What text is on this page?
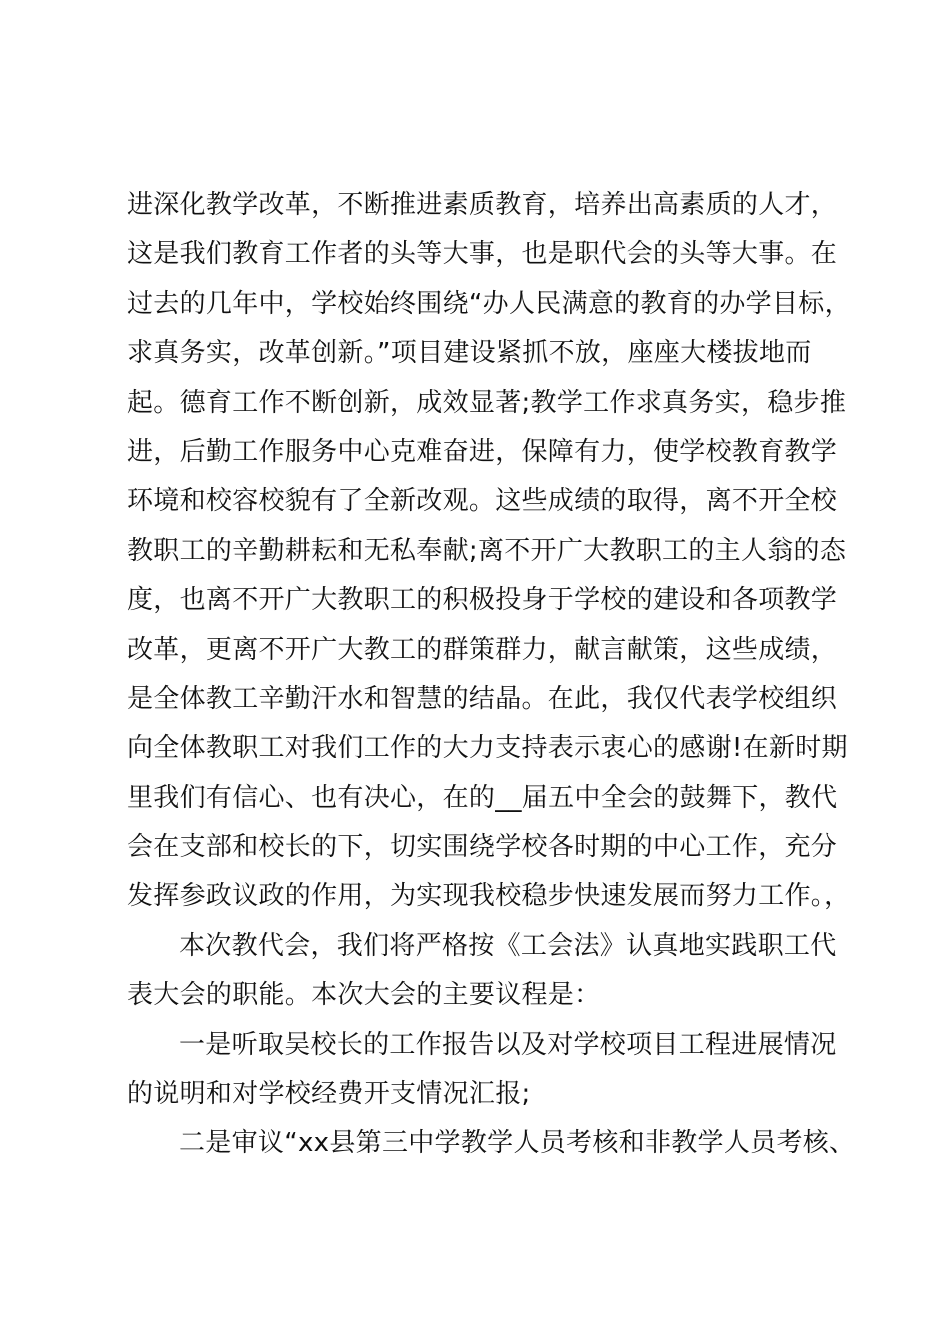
进深化教学改革，不断推进素质教育，培养出高素质的人才，
这是我们教育工作者的头等大事，也是职代会的头等大事。在
过去的几年中，学校始终围绕“办人民满意的教育的办学目标，
求真务实，改革创新。”项目建设紧抓不放，座座大楼拔地而
起。德育工作不断创新，成效显著;教学工作求真务实，稳步推
进，后勤工作服务中心克难奋进，保障有力，使学校教育教学
环境和校容校貌有了全新改观。这些成绩的取得，离不开全校
教职工的辛勤耕耘和无私奉献;离不开广大教职工的主人翁的态
度，也离不开广大教职工的积极投身于学校的建设和各项教学
改革，更离不开广大教工的群策群力，献言献策，这些成绩，
是全体教工辛勤汗水和智慧的结晶。在此，我仅代表学校组织
向全体教职工对我们工作的大力支持表示衷心的感谢!在新时期
里我们有信心、也有决心，在的__届五中全会的鼓舞下，教代
会在支部和校长的下，切实围绕学校各时期的中心工作，充分
发挥参政议政的作用，为实现我校稳步快速发展而努力工作。，
本次教代会，我们将严格按《工会法》认真地实践职工代
表大会的职能。本次大会的主要议程是：
一是听取吴校长的工作报告以及对学校项目工程进展情况
的说明和对学校经费开支情况汇报;
二是审议“xx县第三中学教学人员考核和非教学人员考核、
